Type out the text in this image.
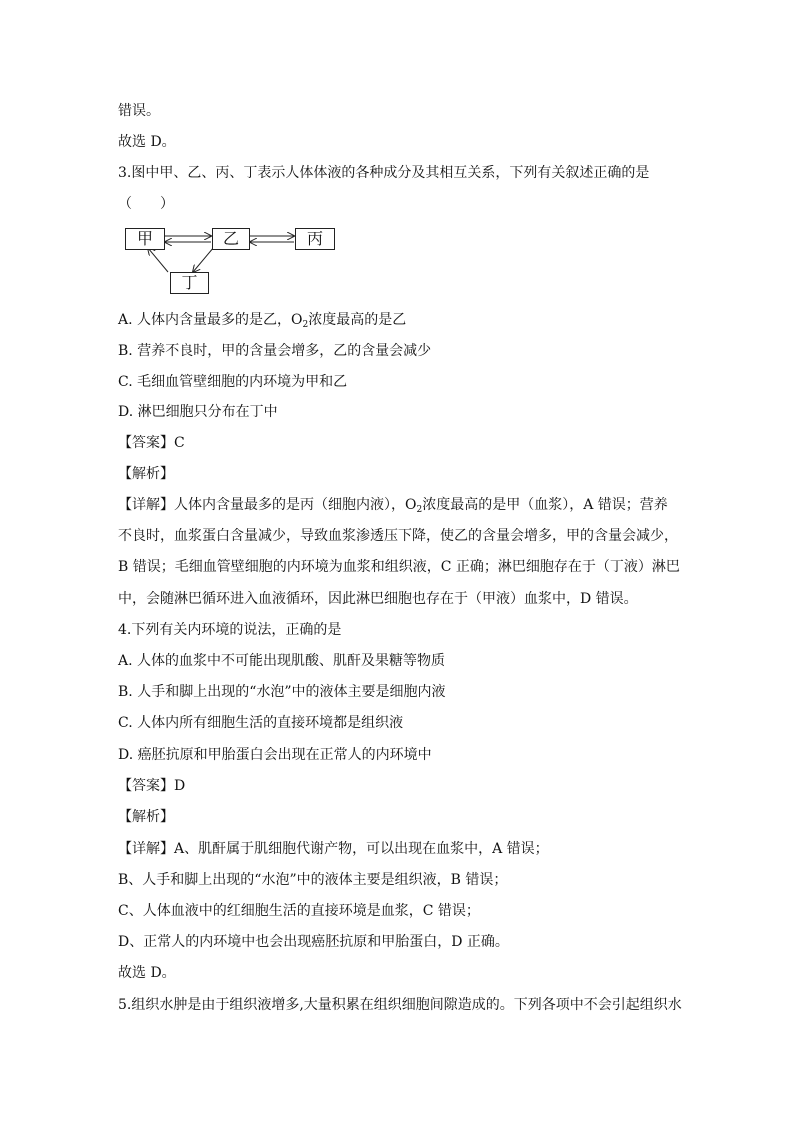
错误。
故选 D。
3.图中甲、乙、丙、丁表示人体体液的各种成分及其相互关系，下列有关叙述正确的是
（　　）
甲	乙	丙
丁
A. 人体内含量最多的是乙，$O_2$浓度最高的是乙
B. 营养不良时，甲的含量会增多，乙的含量会减少
C. 毛细血管壁细胞的内环境为甲和乙
D. 淋巴细胞只分布在丁中
【答案】C
【解析】
【详解】人体内含量最多的是丙（细胞内液），$O_2$浓度最高的是甲（血浆），A 错误；营养
不良时，血浆蛋白含量减少，导致血浆渗透压下降，使乙的含量会增多，甲的含量会减少，
B 错误；毛细血管壁细胞的内环境为血浆和组织液，C 正确；淋巴细胞存在于（丁液）淋巴
中，会随淋巴循环进入血液循环，因此淋巴细胞也存在于（甲液）血浆中，D 错误。
4.下列有关内环境的说法，正确的是
A. 人体的血浆中不可能出现肌酸、肌酐及果糖等物质
B. 人手和脚上出现的“水泡”中的液体主要是细胞内液
C. 人体内所有细胞生活的直接环境都是组织液
D. 癌胚抗原和甲胎蛋白会出现在正常人的内环境中
【答案】D
【解析】
【详解】A、肌酐属于肌细胞代谢产物，可以出现在血浆中，A 错误；
B、人手和脚上出现的“水泡”中的液体主要是组织液，B 错误；
C、人体血液中的红细胞生活的直接环境是血浆，C 错误；
D、正常人的内环境中也会出现癌胚抗原和甲胎蛋白，D 正确。
故选 D。
5.组织水肿是由于组织液增多,大量积累在组织细胞间隙造成的。下列各项中不会引起组织水
